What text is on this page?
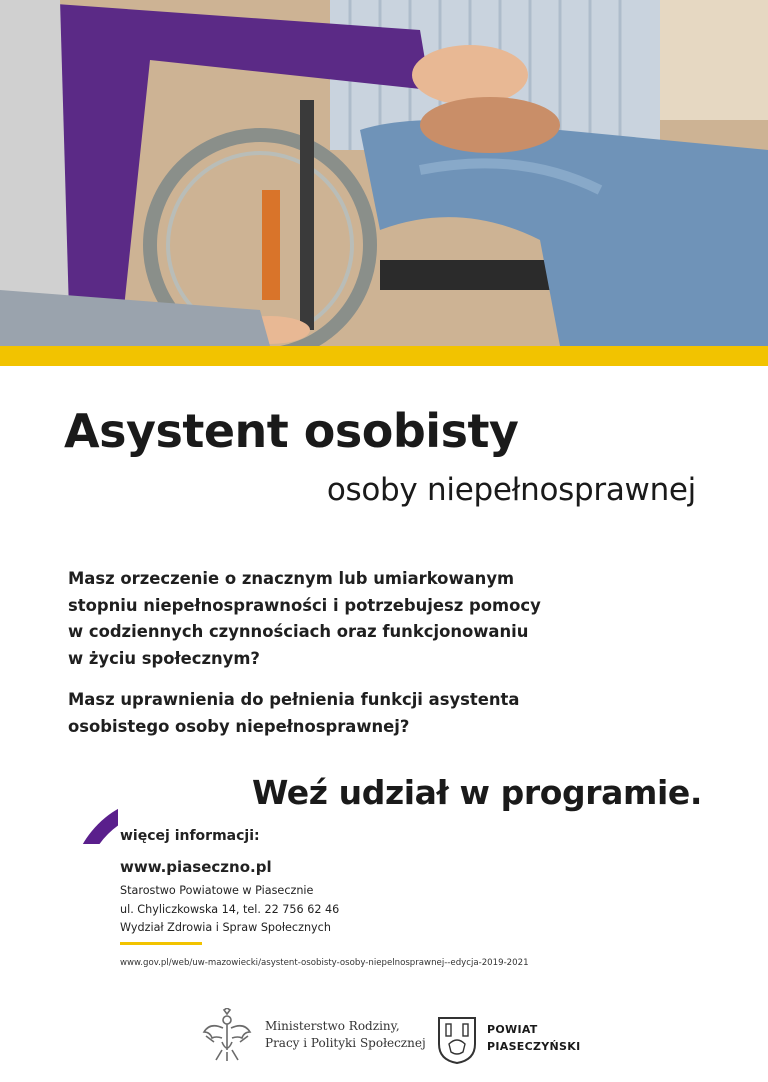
Asystent osobisty
osoby niepełnosprawnej
Masz orzeczenie o znacznym lub umiarkowanym stopniu niepełnosprawności i potrzebujesz pomocy w codziennych czynnościach oraz funkcjonowaniu w życiu społecznym?
Masz uprawnienia do pełnienia funkcji asystenta osobistego osoby niepełnosprawnej?
Weź udział w programie.
więcej informacji:
www.piaseczno.pl
Starostwo Powiatowe w Piasecznie
ul. Chyliczkowska 14, tel. 22 756 62 46
Wydział Zdrowia i Spraw Społecznych
www.gov.pl/web/uw-mazowiecki/asystent-osobisty-osoby-niepelnosprawnej--edycja-2019-2021
Ministerstwo Rodziny,
Pracy i Polityki Społecznej
POWIAT
PIASECZYŃSKI
